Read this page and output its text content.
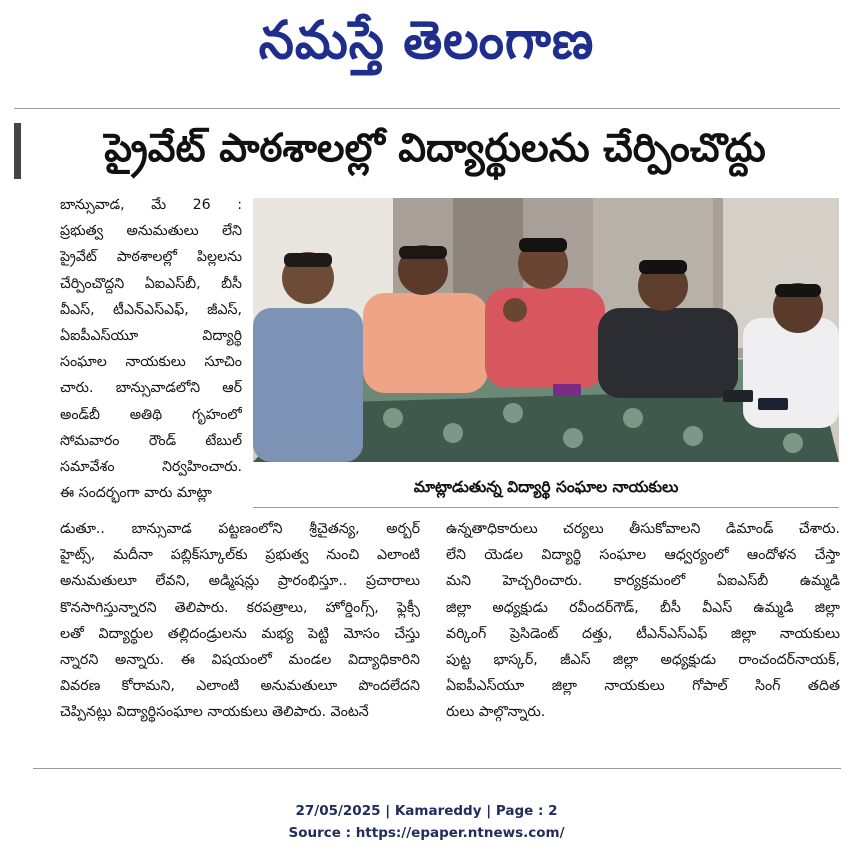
నమస్తే తెలంగాణ
ప్రైవేట్ పాఠశాలల్లో విద్యార్థులను చేర్పించొద్దు

బాన్సువాడ, మే 26 :

ప్రభుత్వ అనుమతులు లేని

ప్రైవేట్ పాఠశాలల్లో పిల్లలను

చేర్పించొద్దని ఏఐఎస్‌బీ, బీసీ

వీఎస్, టీఎన్‌ఎస్‌ఎఫ్, జీఎస్,

ఏఐపీఎస్‌యూ విద్యార్థి

సంఘాల నాయకులు సూచిం

చారు. బాన్సువాడలోని ఆర్

అండ్‌బీ అతిథి గృహంలో

సోమవారం రౌండ్ టేబుల్

సమావేశం నిర్వహించారు.

ఈ సందర్భంగా వారు మాట్లా	మాట్లాడుతున్న విద్యార్థి సంఘాల నాయకులు

డుతూ.. బాన్సువాడ పట్టణంలోని శ్రీచైతన్య, అర్బర్

హైట్స్, మదీనా పబ్లిక్‌స్కూల్‌కు ప్రభుత్వ నుంచి ఎలాంటి

అనుమతులూ లేవని, అడ్మిషన్లు ప్రారంభిస్తూ.. ప్రచారాలు

కొనసాగిస్తున్నారని తెలిపారు. కరపత్రాలు, హోర్డింగ్స్, ఫ్లెక్సీ

లతో విద్యార్థుల తల్లిదండ్రులను మభ్య పెట్టి మోసం చేస్తు

న్నారని అన్నారు. ఈ విషయంలో మండల విద్యాధికారిని

వివరణ కోరామని, ఎలాంటి అనుమతులూ పొందలేదని

చెప్పినట్లు విద్యార్థిసంఘాల నాయకులు తెలిపారు. వెంటనే

ఉన్నతాధికారులు చర్యలు తీసుకోవాలని డిమాండ్ చేశారు.

లేని యెడల విద్యార్థి సంఘాల ఆధ్వర్యంలో ఆందోళన చేస్తా

మని హెచ్చరించారు. కార్యక్రమంలో ఏఐఎస్‌బీ ఉమ్మడి

జిల్లా అధ్యక్షుడు రవీందర్‌గౌడ్, బీసీ వీఎస్ ఉమ్మడి జిల్లా

వర్కింగ్ ప్రెసిడెంట్ దత్తు, టీఎన్‌ఎస్‌ఎఫ్ జిల్లా నాయకులు

పుట్ట భాస్కర్, జీఎస్ జిల్లా అధ్యక్షుడు రాంచందర్‌నాయక్,

ఏఐపీఎస్‌యూ జిల్లా నాయకులు గోపాల్ సింగ్ తదిత

రులు పాల్గొన్నారు.

27/05/2025 | Kamareddy | Page : 2
Source : https://epaper.ntnews.com/
